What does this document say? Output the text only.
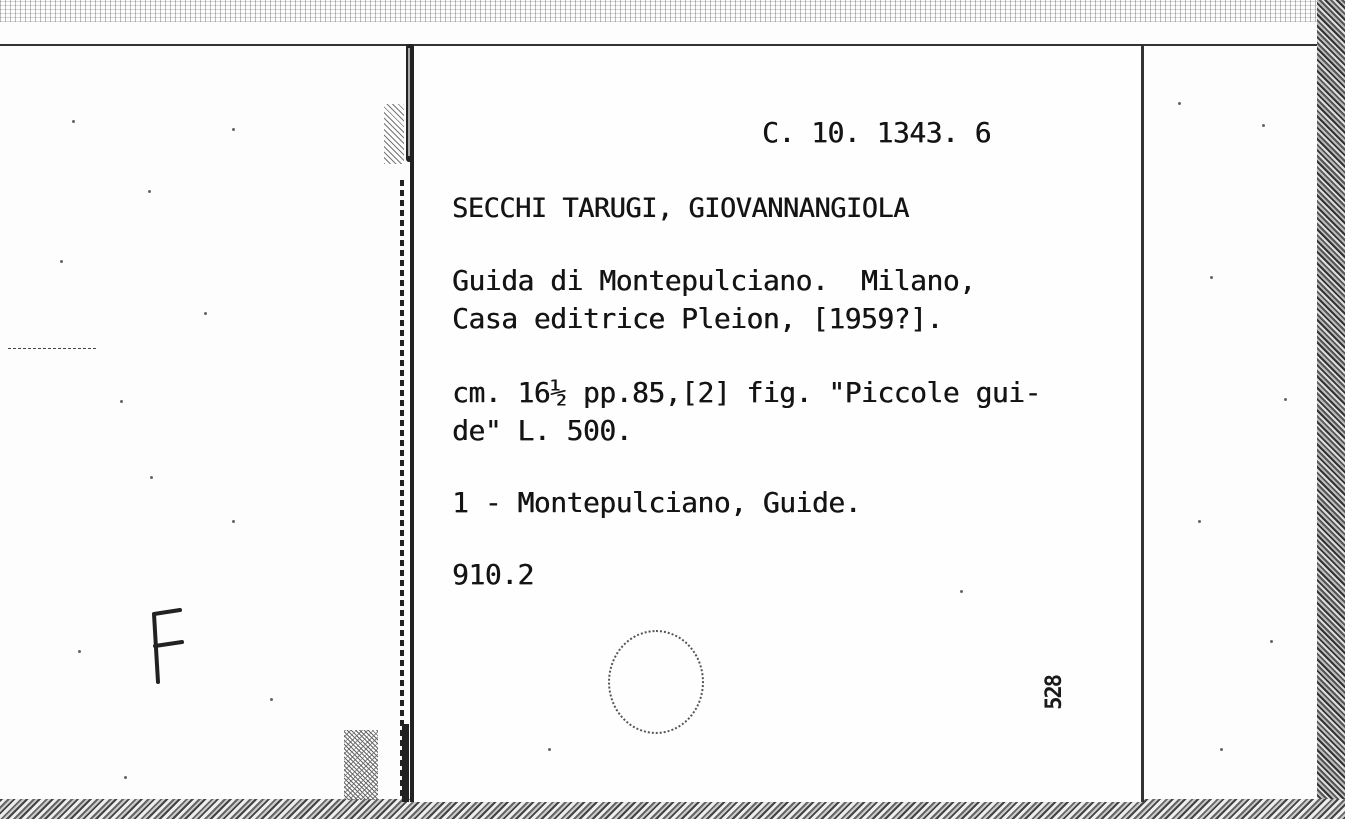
C. 10. 1343. 6
SECCHI TARUGI, GIOVANNANGIOLA
Guida di Montepulciano.  Milano,
Casa editrice Pleion, [1959?].
cm. 16½ pp.85,[2] fig. "Piccole gui-
de" L. 500.
1 - Montepulciano, Guide.
910.2
528
